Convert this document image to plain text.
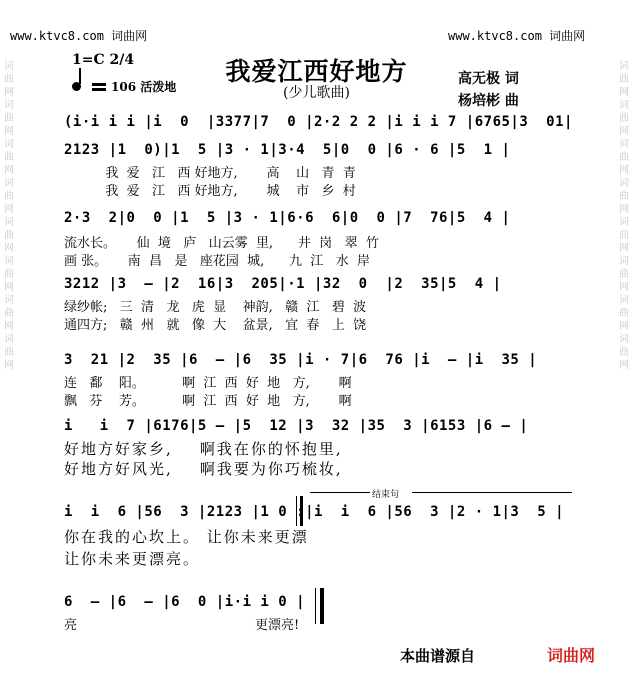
词曲网词曲网词曲网词曲网词曲网词曲网词曲网词曲网
词曲网词曲网词曲网词曲网词曲网词曲网词曲网词曲网
www.ktvc8.com 词曲网	www.ktvc8.com 词曲网
1=C 2/4
106 活泼地
我爱江西好地方
(少儿歌曲)
高无极 词
杨培彬 曲
(i·i i i |i  0  |3377|7  0 |2·2 2 2 |i i i 7 |6765|3  01|
2123 |1  0)|1  5 |3 · 1|3·4  5|0  0 |6 · 6 |5  1 |
我  爱   江   西 好地方,       高    山   青  青
我  爱   江   西 好地方,       城    市   乡  村
2·3  2|0  0 |1  5 |3 · 1|6·6  6|0  0 |7  76|5  4 |
流水长。     仙  境   庐   山云雾  里,      井  岗   翠  竹
画 张。     南  昌   是   座花园  城,      九  江   水  岸
3212 |3  — |2  16|3  205|·1 |32  0  |2  35|5  4 |
绿纱帐;   三  清   龙   虎  显    神韵,   赣  江   碧  波
通四方;   赣  州   就   像  大    盆景,   宜  春   上  饶
3  21 |2  35 |6  — |6  35 |i · 7|6  76 |i  — |i  35 |
连   鄱    阳。         啊  江  西  好  地   方,       啊
飘   芬    芳。         啊  江  西  好  地   方,       啊
i   i  7 |6176|5 — |5  12 |3  32 |35  3 |6153 |6 — |
好地方好家乡,    啊我在你的怀抱里,
好地方好风光,    啊我要为你巧梳妆,
结束句
i  i  6 |56  3 |2123 |1 0 :|i  i  6 |56  3 |2 · 1|3  5 |
你在我的心坎上。 让你未来更漂
让你未来更漂亮。
6  — |6  — |6  0 |i·i i 0 |
亮	更漂亮!
本曲谱源自	词曲网
